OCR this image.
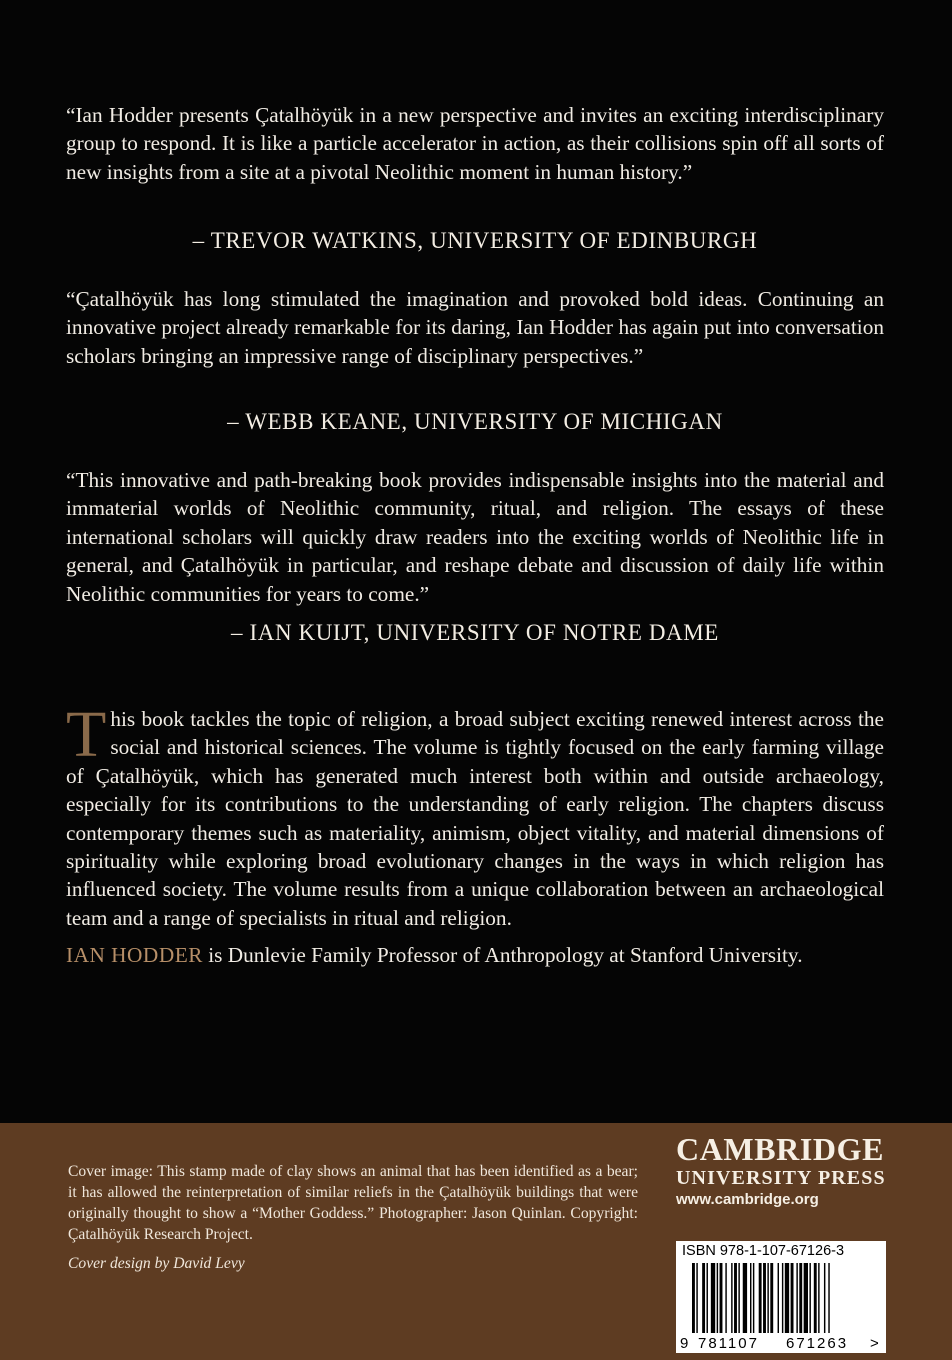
“Ian Hodder presents Çatalhöyük in a new perspective and invites an exciting interdisciplinary group to respond. It is like a particle accelerator in action, as their collisions spin off all sorts of new insights from a site at a pivotal Neolithic moment in human history.”

– TREVOR WATKINS, UNIVERSITY OF EDINBURGH

“Çatalhöyük has long stimulated the imagination and provoked bold ideas. Continuing an innovative project already remarkable for its daring, Ian Hodder has again put into conversation scholars bringing an impressive range of disciplinary perspectives.”

– WEBB KEANE, UNIVERSITY OF MICHIGAN

“This innovative and path-breaking book provides indispensable insights into the material and immaterial worlds of Neolithic community, ritual, and religion. The essays of these international scholars will quickly draw readers into the exciting worlds of Neolithic life in general, and Çatalhöyük in particular, and reshape debate and discussion of daily life within Neolithic communities for years to come.”

– IAN KUIJT, UNIVERSITY OF NOTRE DAME

This book tackles the topic of religion, a broad subject exciting renewed interest across the social and historical sciences. The volume is tightly focused on the early farming village of Çatalhöyük, which has generated much interest both within and outside archaeology, especially for its contributions to the understanding of early religion. The chapters discuss contemporary themes such as materiality, animism, object vitality, and material dimensions of spirituality while exploring broad evolutionary changes in the ways in which religion has influenced society. The volume results from a unique collaboration between an archaeological team and a range of specialists in ritual and religion.

IAN HODDER is Dunlevie Family Professor of Anthropology at Stanford University.

Cover image: This stamp made of clay shows an animal that has been identified as a bear; it has allowed the reinterpretation of similar reliefs in the Çatalhöyük buildings that were originally thought to show a “Mother Goddess.” Photographer: Jason Quinlan. Copyright: Çatalhöyük Research Project.

Cover design by David Levy

CAMBRIDGE

UNIVERSITY PRESS

www.cambridge.org

ISBN 978-1-107-67126-3

9 781107 671263 >
